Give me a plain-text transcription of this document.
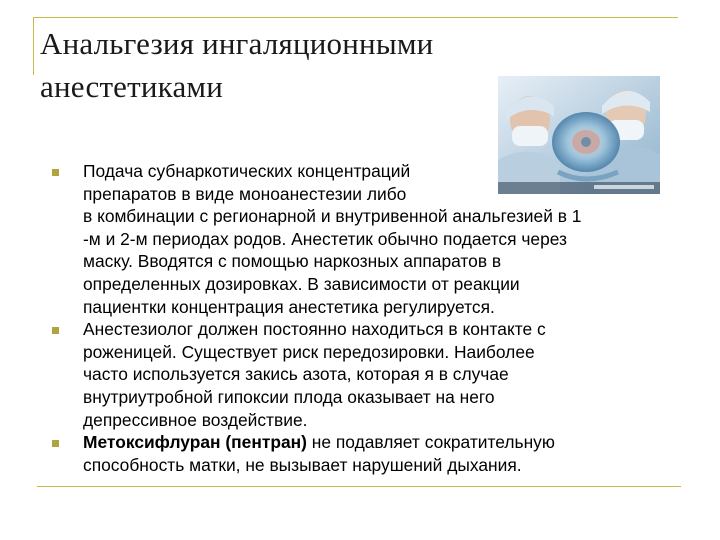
Анальгезия ингаляционными
анестетиками
Подача субнаркотических концентраций
препаратов в виде моноанестезии либо
в комбинации с регионарной и внутривенной анальгезией в 1
-м и 2-м периодах родов. Анестетик обычно подается через
маску. Вводятся с помощью наркозных аппаратов в
определенных дозировках. В зависимости от реакции
пациентки концентрация анестетика регулируется.
Анестезиолог должен постоянно находиться в контакте с
роженицей. Существует риск передозировки. Наиболее
часто используется закись азота, которая я в случае
внутриутробной гипоксии плода оказывает на него
депрессивное воздействие.
Метоксифлуран (пентран) не подавляет сократительную
способность матки, не вызывает нарушений дыхания.
